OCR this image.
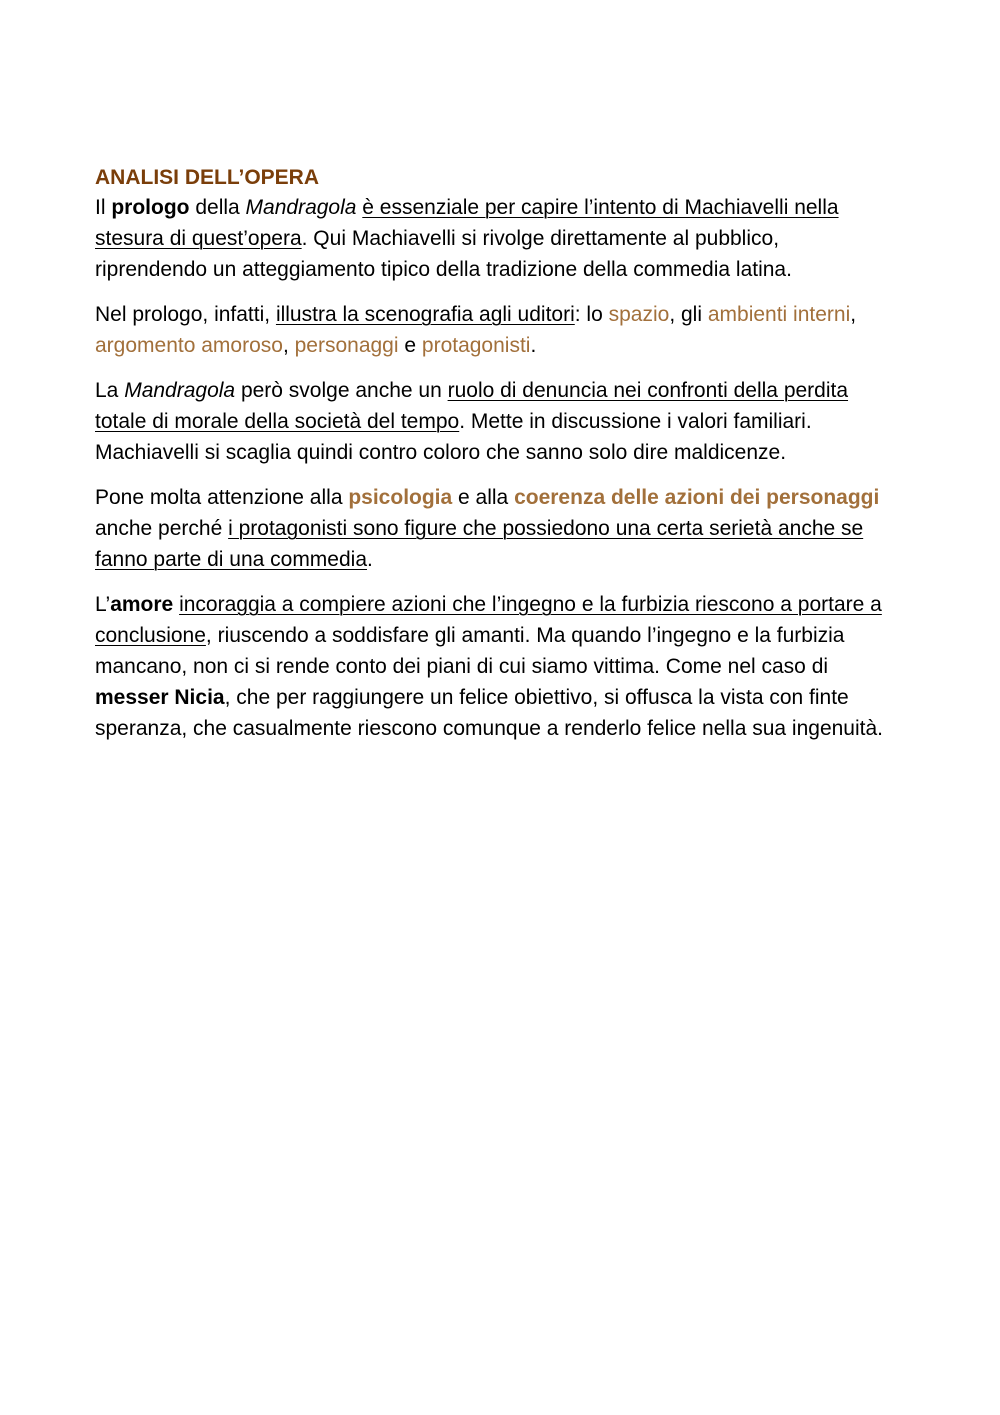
ANALISI DELL’OPERA

Il prologo della Mandragola è essenziale per capire l’intento di Machiavelli nella stesura di quest’opera. Qui Machiavelli si rivolge direttamente al pubblico, riprendendo un atteggiamento tipico della tradizione della commedia latina.

Nel prologo, infatti, illustra la scenografia agli uditori: lo spazio, gli ambienti interni, argomento amoroso, personaggi e protagonisti.

La Mandragola però svolge anche un ruolo di denuncia nei confronti della perdita totale di morale della società del tempo. Mette in discussione i valori familiari. Machiavelli si scaglia quindi contro coloro che sanno solo dire maldicenze.

Pone molta attenzione alla psicologia e alla coerenza delle azioni dei personaggi anche perché i protagonisti sono figure che possiedono una certa serietà anche se fanno parte di una commedia.

L’amore incoraggia a compiere azioni che l’ingegno e la furbizia riescono a portare a conclusione, riuscendo a soddisfare gli amanti. Ma quando l’ingegno e la furbizia mancano, non ci si rende conto dei piani di cui siamo vittima. Come nel caso di messer Nicia, che per raggiungere un felice obiettivo, si offusca la vista con finte speranza, che casualmente riescono comunque a renderlo felice nella sua ingenuità.
